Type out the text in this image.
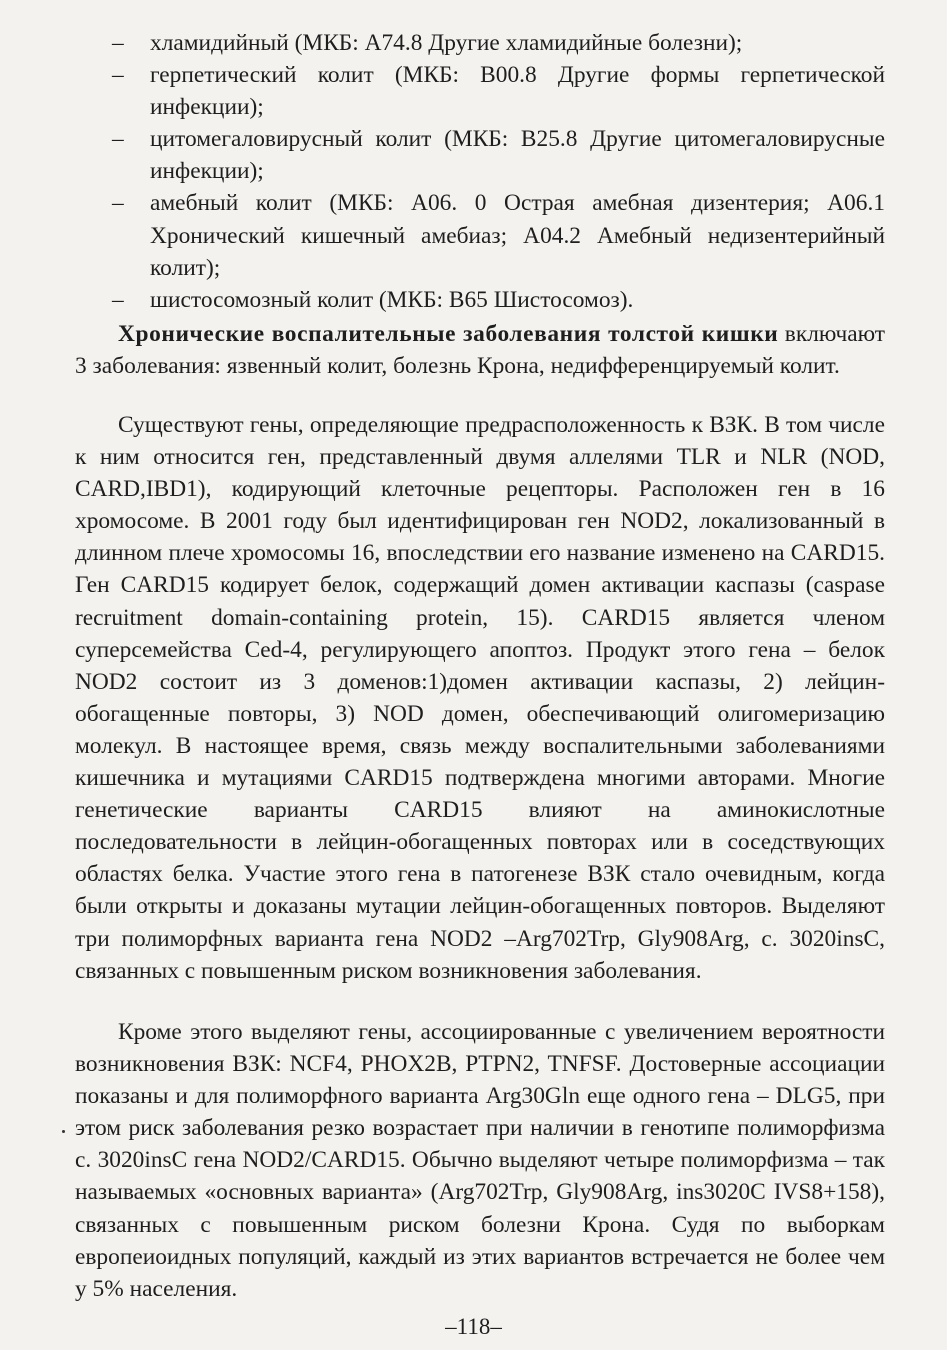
– хламидийный (МКБ: А74.8 Другие хламидийные болезни);
– герпетический колит (МКБ: В00.8 Другие формы герпетической инфекции);
– цитомегаловирусный колит (МКБ: В25.8 Другие цитомегаловирусные инфекции);
– амебный колит (МКБ: А06. 0 Острая амебная дизентерия; А06.1 Хронический кишечный амебиаз; А04.2 Амебный недизентерийный колит);
– шистосомозный колит (МКБ: В65 Шистосомоз).

Хронические воспалительные заболевания толстой кишки включают 3 заболевания: язвенный колит, болезнь Крона, недифференцируемый колит.

Существуют гены, определяющие предрасположенность к ВЗК. В том числе к ним относится ген, представленный двумя аллелями TLR и NLR (NOD, CARD,IBD1), кодирующий клеточные рецепторы. Расположен ген в 16 хромосоме. В 2001 году был идентифицирован ген NOD2, локализованный в длинном плече хромосомы 16, впоследствии его название изменено на CARD15. Ген CARD15 кодирует белок, содержащий домен активации каспазы (caspase recruitment domain-containing protein, 15). CARD15 является членом суперсемейства Ced-4, регулирующего апоптоз. Продукт этого гена – белок NOD2 состоит из 3 доменов:1)домен активации каспазы, 2) лейцин-обогащенные повторы, 3) NOD домен, обеспечивающий олигомеризацию молекул. В настоящее время, связь между воспалительными заболеваниями кишечника и мутациями CARD15 подтверждена многими авторами. Многие генетические варианты CARD15 влияют на аминокислотные последовательности в лейцин-обогащенных повторах или в соседствующих областях белка. Участие этого гена в патогенезе ВЗК стало очевидным, когда были открыты и доказаны мутации лейцин-обогащенных повторов. Выделяют три полиморфных варианта гена NOD2 –Arg702Trp, Gly908Arg, с. 3020insC, связанных с повышенным риском возникновения заболевания.

Кроме этого выделяют гены, ассоциированные с увеличением вероятности возникновения ВЗК: NCF4, PHOX2B, PTPN2, TNFSF. Достоверные ассоциации показаны и для полиморфного варианта Arg30Gln еще одного гена – DLG5, при этом риск заболевания резко возрастает при наличии в генотипе полиморфизма с. 3020insC гена NOD2/CARD15. Обычно выделяют четыре полиморфизма – так называемых «основных варианта» (Arg702Trp, Gly908Arg, ins3020C IVS8+158), связанных с повышенным риском болезни Крона. Судя по выборкам европеиоидных популяций, каждый из этих вариантов встречается не более чем у 5% населения.

–118–
